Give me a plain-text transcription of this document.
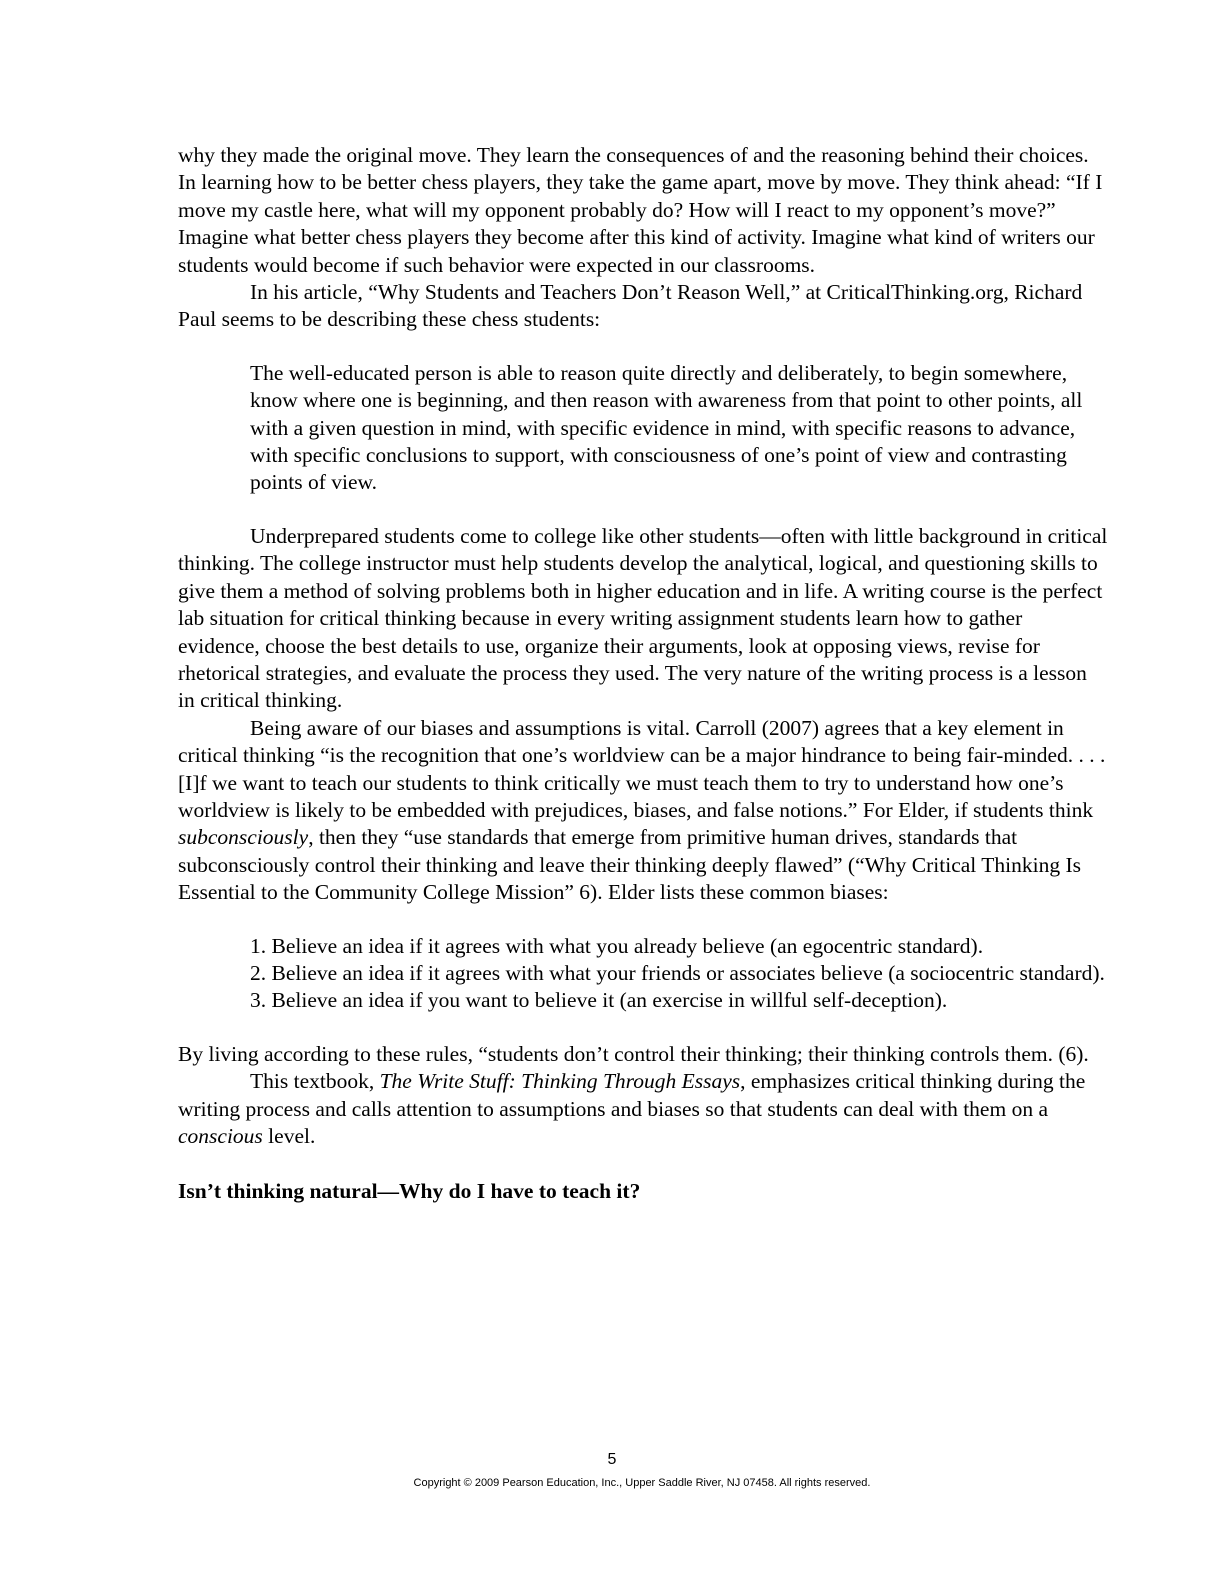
why they made the original move. They learn the consequences of and the reasoning behind their choices. In learning how to be better chess players, they take the game apart, move by move. They think ahead: “If I move my castle here, what will my opponent probably do? How will I react to my opponent’s move?” Imagine what better chess players they become after this kind of activity. Imagine what kind of writers our students would become if such behavior were expected in our classrooms.

In his article, “Why Students and Teachers Don’t Reason Well,” at CriticalThinking.org, Richard Paul seems to be describing these chess students:

The well-educated person is able to reason quite directly and deliberately, to begin somewhere, know where one is beginning, and then reason with awareness from that point to other points, all with a given question in mind, with specific evidence in mind, with specific reasons to advance, with specific conclusions to support, with consciousness of one’s point of view and contrasting points of view.

Underprepared students come to college like other students—often with little background in critical thinking. The college instructor must help students develop the analytical, logical, and questioning skills to give them a method of solving problems both in higher education and in life. A writing course is the perfect lab situation for critical thinking because in every writing assignment students learn how to gather evidence, choose the best details to use, organize their arguments, look at opposing views, revise for rhetorical strategies, and evaluate the process they used. The very nature of the writing process is a lesson in critical thinking.

Being aware of our biases and assumptions is vital. Carroll (2007) agrees that a key element in critical thinking “is the recognition that one’s worldview can be a major hindrance to being fair-minded. . . . [I]f we want to teach our students to think critically we must teach them to try to understand how one’s worldview is likely to be embedded with prejudices, biases, and false notions.” For Elder, if students think subconsciously, then they “use standards that emerge from primitive human drives, standards that subconsciously control their thinking and leave their thinking deeply flawed” (“Why Critical Thinking Is Essential to the Community College Mission” 6). Elder lists these common biases:

1. Believe an idea if it agrees with what you already believe (an egocentric standard).

2. Believe an idea if it agrees with what your friends or associates believe (a sociocentric standard).

3. Believe an idea if you want to believe it (an exercise in willful self-deception).

By living according to these rules, “students don’t control their thinking; their thinking controls them. (6).

This textbook, The Write Stuff: Thinking Through Essays, emphasizes critical thinking during the writing process and calls attention to assumptions and biases so that students can deal with them on a conscious level.

Isn’t thinking natural—Why do I have to teach it?

5
Copyright © 2009 Pearson Education, Inc., Upper Saddle River, NJ 07458. All rights reserved.
